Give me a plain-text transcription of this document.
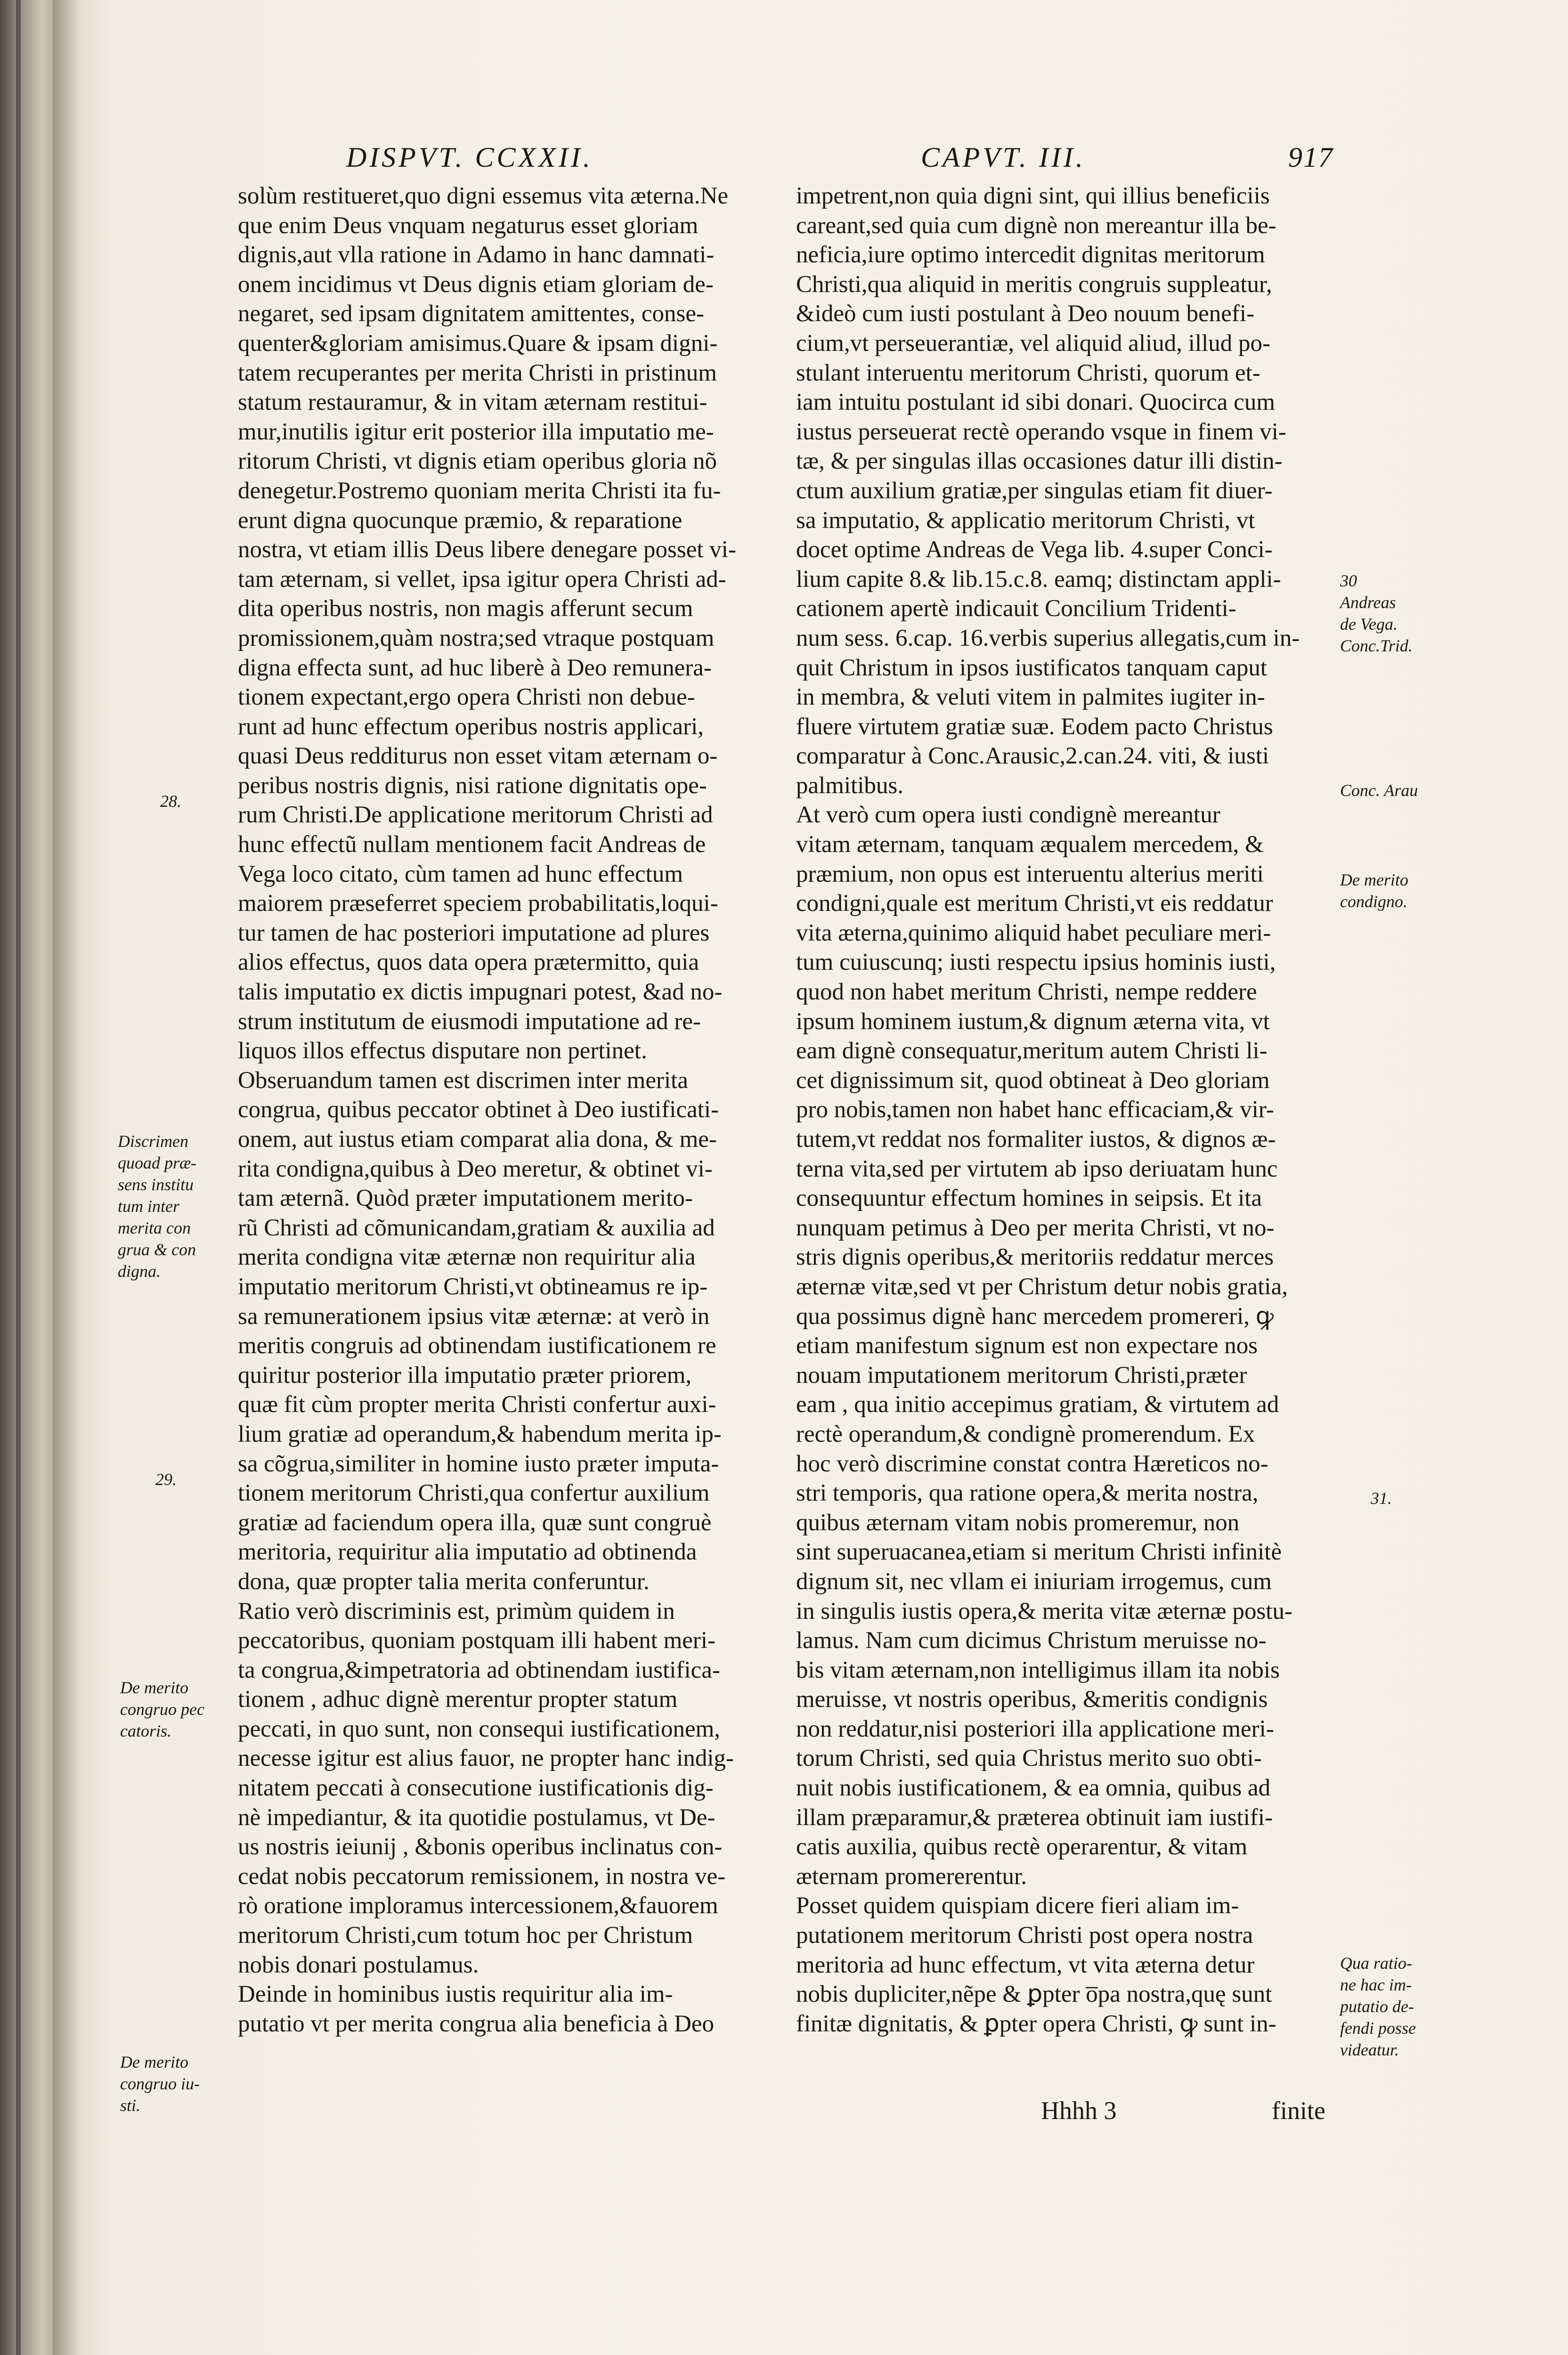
DISPVT. CCXXII.	CAPVT. III.	917
solùm restitueret,quo digni essemus vita æterna.Ne
que enim Deus vnquam negaturus esset gloriam
dignis,aut vlla ratione in Adamo in hanc damnati-
onem incidimus vt Deus dignis etiam gloriam de-
negaret, sed ipsam dignitatem amittentes, conse-
quenter&gloriam amisimus.Quare & ipsam digni-
tatem recuperantes per merita Christi in pristinum
statum restauramur, & in vitam æternam restitui-
mur,inutilis igitur erit posterior illa imputatio me-
ritorum Christi, vt dignis etiam operibus gloria nõ
denegetur.Postremo quoniam merita Christi ita fu-
erunt digna quocunque præmio, & reparatione
nostra, vt etiam illis Deus libere denegare posset vi-
tam æternam, si vellet, ipsa igitur opera Christi ad-
dita operibus nostris, non magis afferunt secum
promissionem,quàm nostra;sed vtraque postquam
digna effecta sunt, ad huc liberè à Deo remunera-
tionem expectant,ergo opera Christi non debue-
runt ad hunc effectum operibus nostris applicari,
quasi Deus redditurus non esset vitam æternam o-
peribus nostris dignis, nisi ratione dignitatis ope-
rum Christi.De applicatione meritorum Christi ad
hunc effectũ nullam mentionem facit Andreas de
Vega loco citato, cùm tamen ad hunc effectum
maiorem præseferret speciem probabilitatis,loqui-
tur tamen de hac posteriori imputatione ad plures
alios effectus, quos data opera prætermitto, quia
talis imputatio ex dictis impugnari potest, &ad no-
strum institutum de eiusmodi imputatione ad re-
liquos illos effectus disputare non pertinet.
Obseruandum tamen est discrimen inter merita
congrua, quibus peccator obtinet à Deo iustificati-
onem, aut iustus etiam comparat alia dona, & me-
rita condigna,quibus à Deo meretur, & obtinet vi-
tam æternã. Quòd præter imputationem merito-
rũ Christi ad cõmunicandam,gratiam & auxilia ad
merita condigna vitæ æternæ non requiritur alia
imputatio meritorum Christi,vt obtineamus re ip-
sa remunerationem ipsius vitæ æternæ: at verò in
meritis congruis ad obtinendam iustificationem re
quiritur posterior illa imputatio præter priorem,
quæ fit cùm propter merita Christi confertur auxi-
lium gratiæ ad operandum,& habendum merita ip-
sa cõgrua,similiter in homine iusto præter imputa-
tionem meritorum Christi,qua confertur auxilium
gratiæ ad faciendum opera illa, quæ sunt congruè
meritoria, requiritur alia imputatio ad obtinenda
dona, quæ propter talia merita conferuntur.
Ratio verò discriminis est, primùm quidem in
peccatoribus, quoniam postquam illi habent meri-
ta congrua,&impetratoria ad obtinendam iustifica-
tionem , adhuc dignè merentur propter statum
peccati, in quo sunt, non consequi iustificationem,
necesse igitur est alius fauor, ne propter hanc indig-
nitatem peccati à consecutione iustificationis dig-
nè impediantur, & ita quotidie postulamus, vt De-
us nostris ieiunij , &bonis operibus inclinatus con-
cedat nobis peccatorum remissionem, in nostra ve-
rò oratione imploramus intercessionem,&fauorem
meritorum Christi,cum totum hoc per Christum
nobis donari postulamus.
Deinde in hominibus iustis requiritur alia im-
putatio vt per merita congrua alia beneficia à Deo
impetrent,non quia digni sint, qui illius beneficiis
careant,sed quia cum dignè non mereantur illa be-
neficia,iure optimo intercedit dignitas meritorum
Christi,qua aliquid in meritis congruis suppleatur,
&ideò cum iusti postulant à Deo nouum benefi-
cium,vt perseuerantiæ, vel aliquid aliud, illud po-
stulant interuentu meritorum Christi, quorum et-
iam intuitu postulant id sibi donari. Quocirca cum
iustus perseuerat rectè operando vsque in finem vi-
tæ, & per singulas illas occasiones datur illi distin-
ctum auxilium gratiæ,per singulas etiam fit diuer-
sa imputatio, & applicatio meritorum Christi, vt
docet optime Andreas de Vega lib. 4.super Conci-
lium capite 8.& lib.15.c.8. eamq; distinctam appli-
cationem apertè indicauit Concilium Tridenti-
num sess. 6.cap. 16.verbis superius allegatis,cum in-
quit Christum in ipsos iustificatos tanquam caput
in membra, & veluti vitem in palmites iugiter in-
fluere virtutem gratiæ suæ. Eodem pacto Christus
comparatur à Conc.Arausic,2.can.24. viti, & iusti
palmitibus.
At verò cum opera iusti condignè mereantur
vitam æternam, tanquam æqualem mercedem, &
præmium, non opus est interuentu alterius meriti
condigni,quale est meritum Christi,vt eis reddatur
vita æterna,quinimo aliquid habet peculiare meri-
tum cuiuscunq; iusti respectu ipsius hominis iusti,
quod non habet meritum Christi, nempe reddere
ipsum hominem iustum,& dignum æterna vita, vt
eam dignè consequatur,meritum autem Christi li-
cet dignissimum sit, quod obtineat à Deo gloriam
pro nobis,tamen non habet hanc efficaciam,& vir-
tutem,vt reddat nos formaliter iustos, & dignos æ-
terna vita,sed per virtutem ab ipso deriuatam hunc
consequuntur effectum homines in seipsis. Et ita
nunquam petimus à Deo per merita Christi, vt no-
stris dignis operibus,& meritoriis reddatur merces
æternæ vitæ,sed vt per Christum detur nobis gratia,
qua possimus dignè hanc mercedem promereri, ꝙ
etiam manifestum signum est non expectare nos
nouam imputationem meritorum Christi,præter
eam , qua initio accepimus gratiam, & virtutem ad
rectè operandum,& condignè promerendum. Ex
hoc verò discrimine constat contra Hæreticos no-
stri temporis, qua ratione opera,& merita nostra,
quibus æternam vitam nobis promeremur, non
sint superuacanea,etiam si meritum Christi infinitè
dignum sit, nec vllam ei iniuriam irrogemus, cum
in singulis iustis opera,& merita vitæ æternæ postu-
lamus. Nam cum dicimus Christum meruisse no-
bis vitam æternam,non intelligimus illam ita nobis
meruisse, vt nostris operibus, &meritis condignis
non reddatur,nisi posteriori illa applicatione meri-
torum Christi, sed quia Christus merito suo obti-
nuit nobis iustificationem, & ea omnia, quibus ad
illam præparamur,& præterea obtinuit iam iustifi-
catis auxilia, quibus rectè operarentur, & vitam
æternam promererentur.
Posset quidem quispiam dicere fieri aliam im-
putationem meritorum Christi post opera nostra
meritoria ad hunc effectum, vt vita æterna detur
nobis dupliciter,nẽpe & ꝑpter o̅pa nostra,quę sunt
finitæ dignitatis, & ꝑpter opera Christi, ꝙ sunt in-
28.
Discrimen
quoad præ-
sens institu
tum inter
merita con
grua & con
digna.
29.
De merito
congruo pec
catoris.
De merito
congruo iu-
sti.
30
Andreas
de Vega.
Conc.Trid.
Conc. Arau
De merito
condigno.
31.
Qua ratio-
ne hac im-
putatio de-
fendi posse
videatur.
Hhhh 3	finite
